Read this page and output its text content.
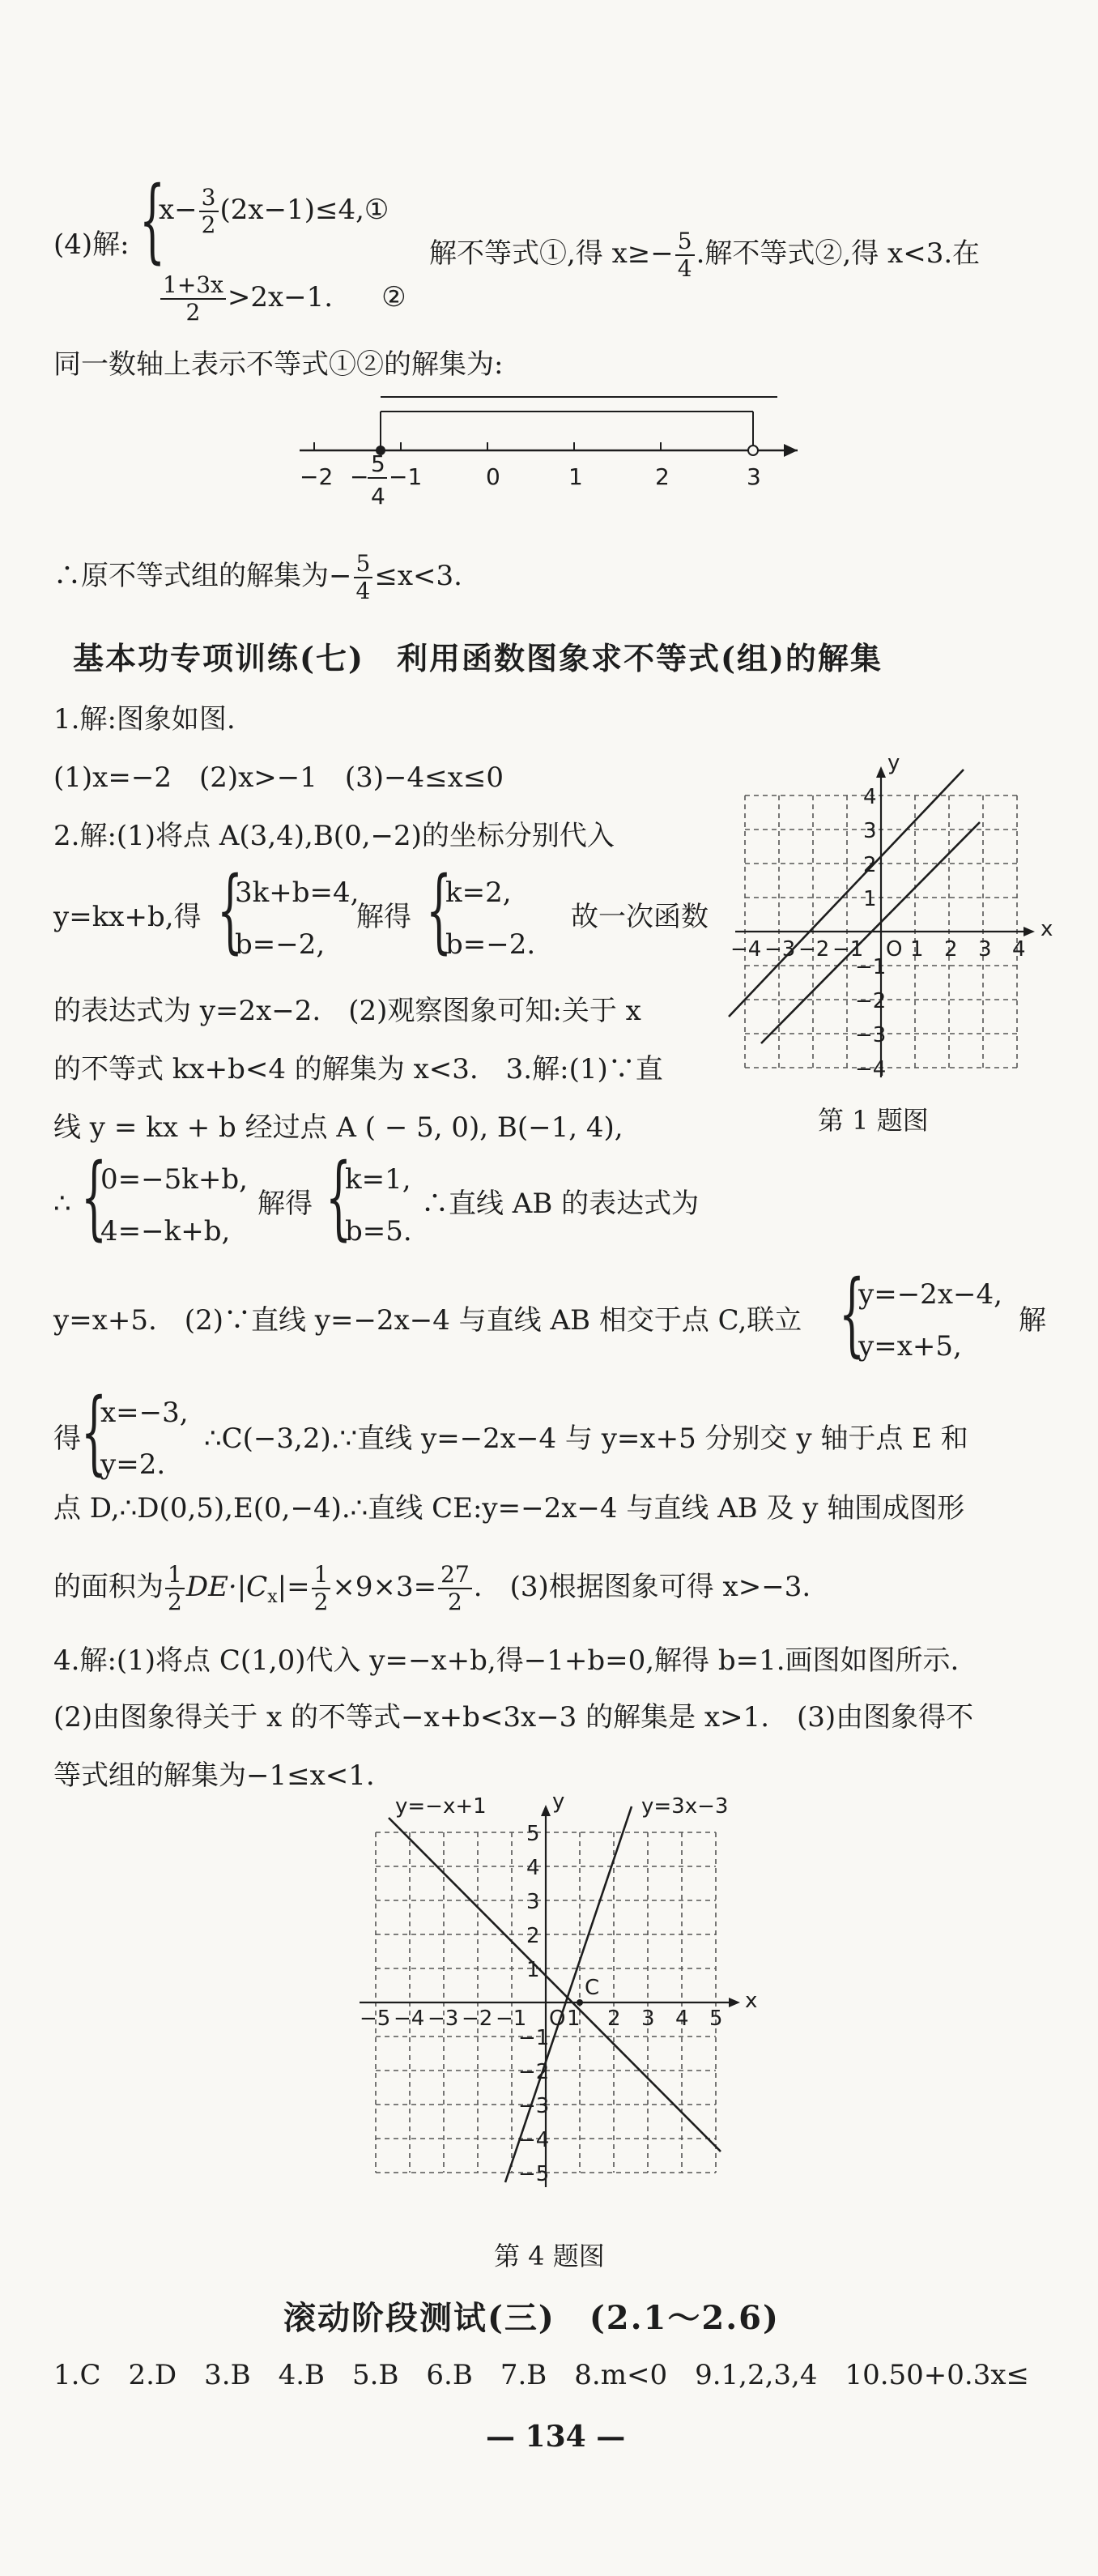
(4)解: {
$x- \frac{3}{2}$ (2x−1)≤4,①
$\frac{1+3x}{2} >2x-1$. ②
解不等式①,得 $x\ge- \frac{5}{4}$ .解不等式②,得 x<3.在
同一数轴上表示不等式①②的解集为:
−2 −1	0	1	2	3
− 5
4
∴原不等式组的解集为− $\frac{5}{4} \le x<3$.
基本功专项训练(七)　利用函数图象求不等式(组)的解集
1.解:图象如图.
(1)x=−2　(2)x>−1　(3)−4≤x≤0
2.解:(1)将点 A(3,4),B(0,−2)的坐标分别代入
y=kx+b,得 {
3k+b=4,
b=−2,
解得 {
k=2,
b=−2.
故一次函数
的表达式为 y=2x−2.　(2)观察图象可知:关于 x
的不等式 kx+b<4 的解集为 x<3.　3.解:(1)∵直
线 y = kx + b 经过点 A ( − 5, 0), B(−1, 4),
∴ {
0=−5k+b,
4=−k+b,
解得 {
k=1,
b=5.
∴直线 AB 的表达式为
y=x+5.　(2)∵直线 y=−2x−4 与直线 AB 相交于点 C,联立 {
y=−2x−4,
y=x+5,
解
得 {
x=−3,
y=2.
∴C(−3,2).∵直线 y=−2x−4 与 y=x+5 分别交 y 轴于点 E 和
点 D,∴D(0,5),E(0,−4).∴直线 CE:y=−2x−4 与直线 AB 及 y 轴围成图形
的面积为 $\frac{1}{2} DE\cdot|C_x|= \frac{1}{2} \times 9\times 3= \frac{27}{2}$ .　(3)根据图象可得 x>−3.
4.解:(1)将点 C(1,0)代入 y=−x+b,得−1+b=0,解得 b=1.画图如图所示.
(2)由图象得关于 x 的不等式−x+b<3x−3 的解集是 x>1.　(3)由图象得不
等式组的解集为−1≤x<1.
x
y
O
−4 −3 −2 −1 1 2 3 4
4
3
2
1
−1
−2
−3
−4
第 1 题图
y=−x+1	y=3x−3
C
x
y
O
−5 −4 −3 −2 −1 1 2 3 4 5
5
4
3
2
1
−1
−2
−3
−4
−5
第 4 题图
滚动阶段测试(三)　(2.1～2.6)
1.C　2.D　3.B　4.B　5.B　6.B　7.B　8.m<0　9.1,2,3,4　10.50+0.3x≤
— 134 —
